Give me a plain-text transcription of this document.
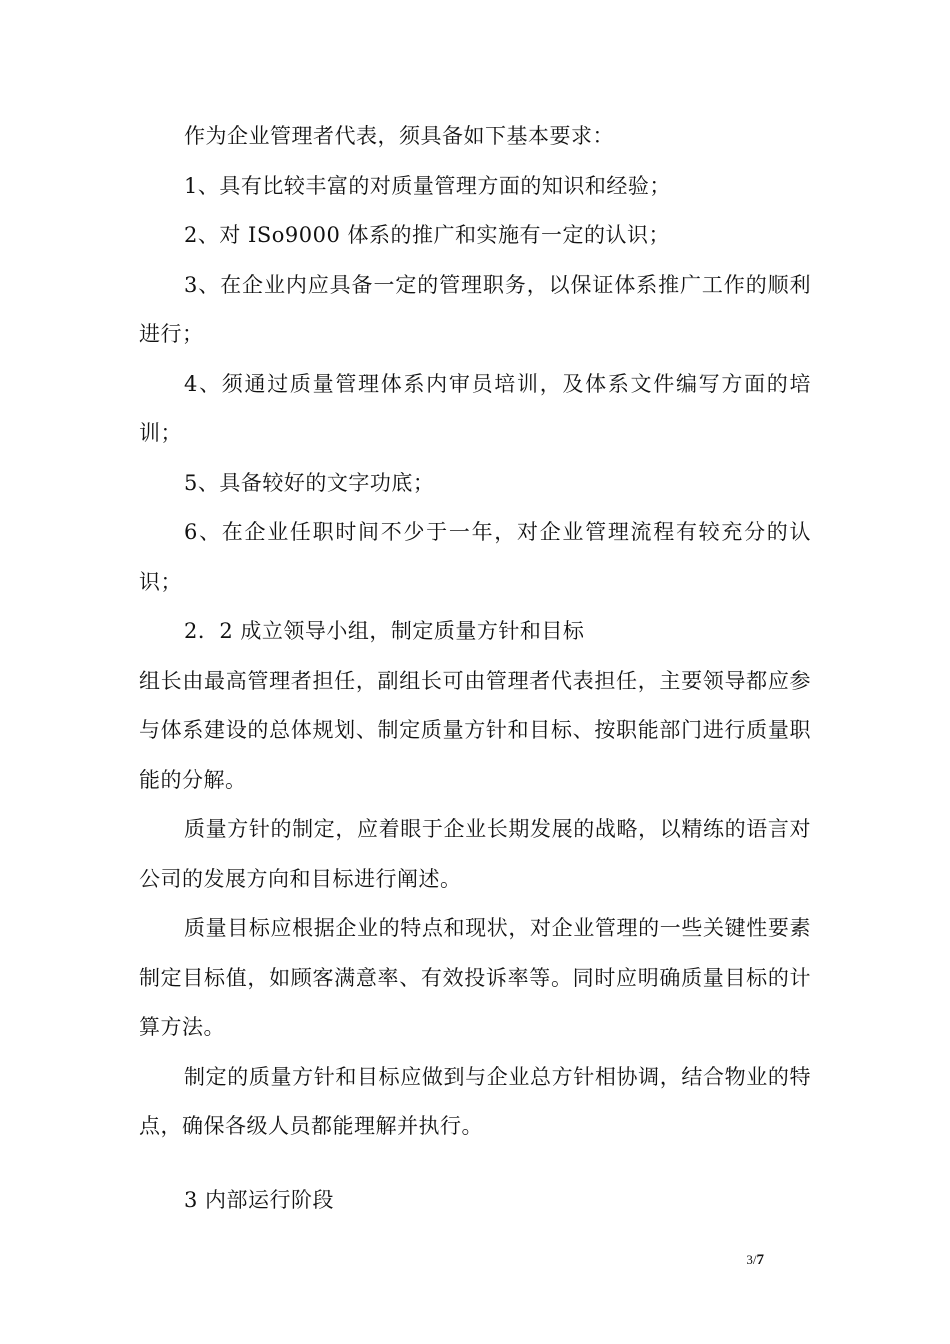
作为企业管理者代表，须具备如下基本要求：

1、具有比较丰富的对质量管理方面的知识和经验；

2、对 ISo9000 体系的推广和实施有一定的认识；

3、在企业内应具备一定的管理职务，以保证体系推广工作的顺利进行；

4、须通过质量管理体系内审员培训，及体系文件编写方面的培训；

5、具备较好的文字功底；

6、在企业任职时间不少于一年，对企业管理流程有较充分的认识；

2．2 成立领导小组，制定质量方针和目标

组长由最高管理者担任，副组长可由管理者代表担任，主要领导都应参与体系建设的总体规划、制定质量方针和目标、按职能部门进行质量职能的分解。

质量方针的制定，应着眼于企业长期发展的战略，以精练的语言对公司的发展方向和目标进行阐述。

质量目标应根据企业的特点和现状，对企业管理的一些关键性要素制定目标值，如顾客满意率、有效投诉率等。同时应明确质量目标的计算方法。

制定的质量方针和目标应做到与企业总方针相协调，结合物业的特点，确保各级人员都能理解并执行。

3 内部运行阶段

3/7
